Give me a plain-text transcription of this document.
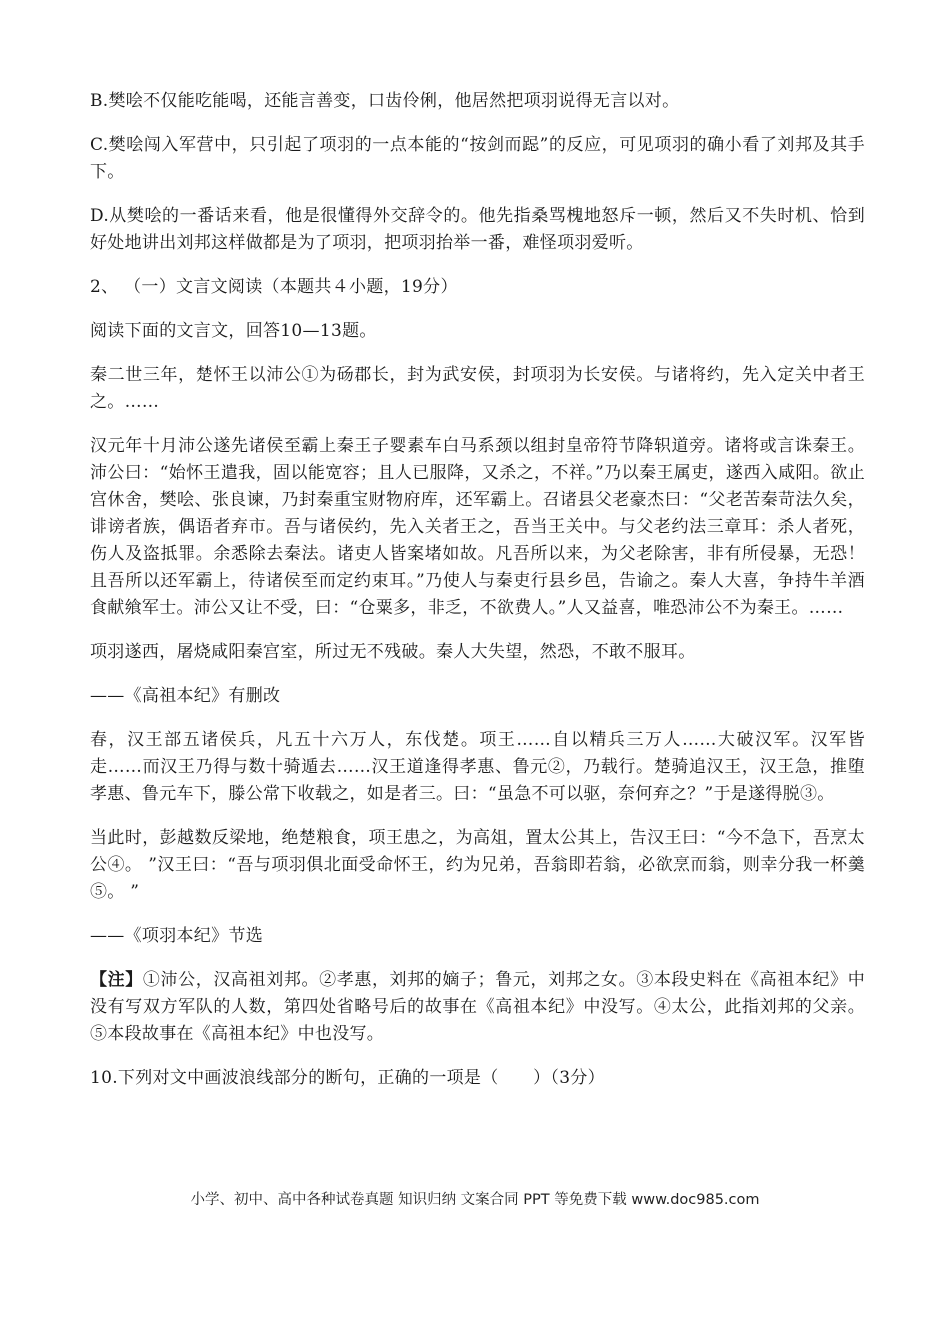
B.樊哙不仅能吃能喝，还能言善变，口齿伶俐，他居然把项羽说得无言以对。

C.樊哙闯入军营中，只引起了项羽的一点本能的“按剑而跽”的反应，可见项羽的确小看了刘邦及其手下。

D.从樊哙的一番话来看，他是很懂得外交辞令的。他先指桑骂槐地怒斥一顿，然后又不失时机、恰到好处地讲出刘邦这样做都是为了项羽，把项羽抬举一番，难怪项羽爱听。

2、 （一）文言文阅读（本题共４小题，19分）

阅读下面的文言文，回答10—13题。

秦二世三年，楚怀王以沛公①为砀郡长，封为武安侯，封项羽为长安侯。与诸将约，先入定关中者王之。……

汉元年十月沛公遂先诸侯至霸上秦王子婴素车白马系颈以组封皇帝符节降轵道旁。诸将或言诛秦王。沛公曰：“始怀王遣我，固以能宽容；且人已服降，又杀之，不祥。”乃以秦王属吏，遂西入咸阳。欲止宫休舍，樊哙、张良谏，乃封秦重宝财物府库，还军霸上。召诸县父老豪杰曰：“父老苦秦苛法久矣，诽谤者族，偶语者弃市。吾与诸侯约，先入关者王之，吾当王关中。与父老约法三章耳：杀人者死，伤人及盗抵罪。余悉除去秦法。诸吏人皆案堵如故。凡吾所以来，为父老除害，非有所侵暴，无恐！且吾所以还军霸上，待诸侯至而定约束耳。”乃使人与秦吏行县乡邑，告谕之。秦人大喜，争持牛羊酒食献飨军士。沛公又让不受，曰：“仓粟多，非乏，不欲费人。”人又益喜，唯恐沛公不为秦王。……

项羽遂西，屠烧咸阳秦宫室，所过无不残破。秦人大失望，然恐，不敢不服耳。

——《高祖本纪》有删改

春，汉王部五诸侯兵，凡五十六万人，东伐楚。项王……自以精兵三万人……大破汉军。汉军皆走……而汉王乃得与数十骑遁去……汉王道逢得孝惠、鲁元②，乃载行。楚骑追汉王，汉王急，推堕孝惠、鲁元车下，滕公常下收载之，如是者三。曰：“虽急不可以驱，奈何弃之？”于是遂得脱③。

当此时，彭越数反梁地，绝楚粮食，项王患之，为高俎，置太公其上，告汉王曰：“今不急下，吾烹太公④。 ”汉王曰：“吾与项羽俱北面受命怀王，约为兄弟，吾翁即若翁，必欲烹而翁，则幸分我一杯羹⑤。 ”

——《项羽本纪》节选

【注】①沛公，汉高祖刘邦。②孝惠，刘邦的嫡子；鲁元，刘邦之女。③本段史料在《高祖本纪》中没有写双方军队的人数，第四处省略号后的故事在《高祖本纪》中没写。④太公，此指刘邦的父亲。⑤本段故事在《高祖本纪》中也没写。

10.下列对文中画波浪线部分的断句，正确的一项是（　　）（3分）

小学、初中、高中各种试卷真题 知识归纳 文案合同 PPT 等免费下载 www.doc985.com
